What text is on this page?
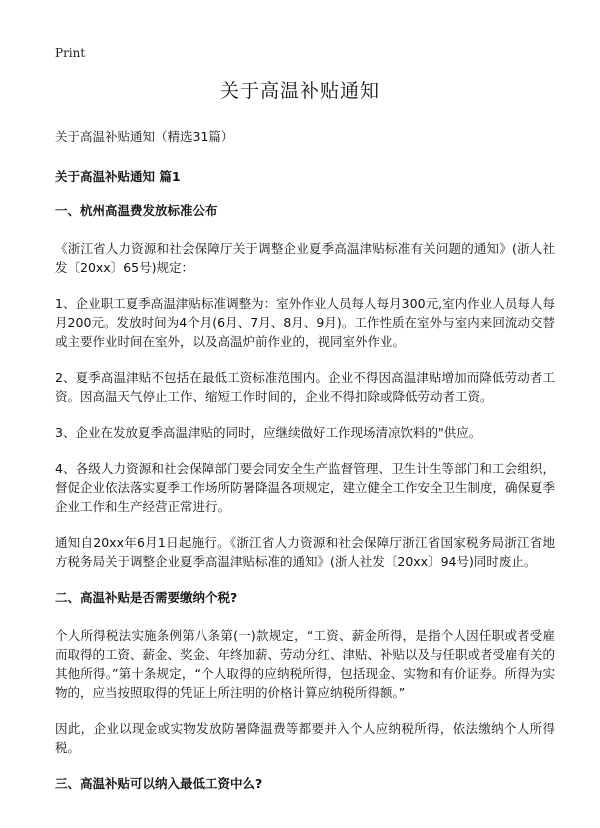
Print
关于高温补贴通知

关于高温补贴通知（精选31篇）

关于高温补贴通知 篇1

一、杭州高温费发放标准公布

《浙江省人力资源和社会保障厅关于调整企业夏季高温津贴标准有关问题的通知》(浙人社发〔20xx〕65号)规定：

1、企业职工夏季高温津贴标准调整为：室外作业人员每人每月300元,室内作业人员每人每月200元。发放时间为4个月(6月、7月、8月、9月)。工作性质在室外与室内来回流动交替或主要作业时间在室外，以及高温炉前作业的，视同室外作业。

2、夏季高温津贴不包括在最低工资标准范围内。企业不得因高温津贴增加而降低劳动者工资。因高温天气停止工作、缩短工作时间的，企业不得扣除或降低劳动者工资。

3、企业在发放夏季高温津贴的同时，应继续做好工作现场清凉饮料的"供应。

4、各级人力资源和社会保障部门要会同安全生产监督管理、卫生计生等部门和工会组织，督促企业依法落实夏季工作场所防暑降温各项规定，建立健全工作安全卫生制度，确保夏季企业工作和生产经营正常进行。

通知自20xx年6月1日起施行。《浙江省人力资源和社会保障厅浙江省国家税务局浙江省地方税务局关于调整企业夏季高温津贴标准的通知》(浙人社发〔20xx〕94号)同时废止。

二、高温补贴是否需要缴纳个税?

个人所得税法实施条例第八条第(一)款规定，“工资、薪金所得，是指个人因任职或者受雇而取得的工资、薪金、奖金、年终加薪、劳动分红、津贴、补贴以及与任职或者受雇有关的其他所得。”第十条规定，“个人取得的应纳税所得，包括现金、实物和有价证券。所得为实物的，应当按照取得的凭证上所注明的价格计算应纳税所得额。”

因此，企业以现金或实物发放防暑降温费等都要并入个人应纳税所得，依法缴纳个人所得税。

三、高温补贴可以纳入最低工资中么?
